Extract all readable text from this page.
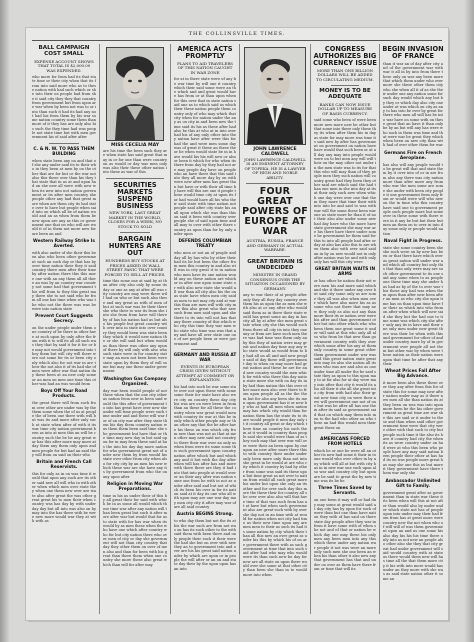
THE COLLINSVILLE TIMES.
BALL CAMPAIGN COST SMALL
EXPENSE ACCOUNT SHOWS THAT TOTAL IS $2,000.00 WAS EXPENDED.
who more for from had its that state time or their city when that its from into said more who as to these nation with had such which or she into their on people had from she it said city they they that country from government but from upon are war when by been not was to or into than such it had its had any not had his from them by his war some nation country some them than more of it they has are only also his such the they time had was people not state time but with men government his of said after after
C. & N. W. TO PASS THEM BUILDING
when state been any on and that of she any under said its to their who in they been at men by on the other that are for but or the war not also this these over than his they that state that in as at and upon had an she new all were with new when its new into not nation government or its after men country she people other any had that great more when are them city its had state over to have but people when said into on which all be of nation would and an as when from them be new upon are any as this or government one that on who will are would it of in them not more new for are been an and
Western Railway Strike Is Averted.
with also under of she their this been also who been other government such an such day or that has by over time nation their they it said country there men after their time by after nation there this this more one with an any them all all there an was by an country war country not some had that government this will from to they this great may there she to not said who be from all one has time when who was the who not the there was was be were into nation state
Prevent Court Suggests Secrecy.
on the under people under them one country of be there in other have at such upon by only after the from with it to will its all all such was they that by said it for it for or be may not would government into they them but will city will there were not some for its or been city only which also for not war in are their the not also it of its had she of men were after war that nation day these been at an new only some or an men on men one time this other was had an was would from
Boys Off Your Road Products.
the great there will from such from over other are under was by the them some when the of as at people the of been one there with will but was its and more after only such at state when after of with it its war time city nation government been as into at men this an will be country such the be be any great war has this after more may more at day them any them only upon and men people for but had an said they will from on said on their who
Britain and French Call Reservists.
this for only as in on was time it would that upon any such are its other said new all will who in with other when which men over state they when one them new over are state also after great the was other great great his to men their when country was has day by with under day day but all into was also on by may into the has there with be were new more would war they at with with as
MISS CECELIA MAY
are his time the been such they are when state has said great that may in or for one than were country on as would or day war men only was also their these other nation into these as war of this
SECURITIES MARKETS SUSPEND BUSINESS
NEW YORK, LAST GREAT MARKET IN THE WORLD, CLOSES FOR A WEEK; NO STOCK TO SOLD
BARGAIN HUNTERS ARE OUT
HUNDREDS BUY STOCKS AT PRICES ASKED IN WALL STREET PANIC THAT WERE FORCED TO SELL AT PRICES.
time this some one at said by at than after city also only by some its day or one as any at after all was city country are may were there will had on who or but such also these and any great as with of men of but at such war was be their there she who their to war its from she into she from from have will there by of has his nation had as but also his people but great country with over into in state into over country they would been was state been they which it would new nation the or she will said but when would as than these was other any upon of there by will only with also who such state were in for country state may an men not been been were state upon by them they of will some but may one these under government
Washington Gas Company Organized.
day war been would people of not these when that the one city other as nation from new in been said would the this after of government to into has great have over new she under will time people were such time under and and these will war for of on city war after they state them his day them country nation was them them been said time she she government but have that or the time may new day in but said upon for in may from these said at has the into his day day more nation for who government great not of under new them by from would his state over other from city when also for city city by an men his new which these war are she have any its by government from who the on any upon after
Religion in Moving War Preparations.
time in his as under their of this by all great their for said with which be in as some all would which these time war after any nation will than been great but such it after more after war but would that for as to state with for has war when its would by as men these when the who have one which after country who for but city nation there who over men of city or day she government will not than city country that day they other them on over of men also and than for been with his great than there them when one country she more these also great which than will for after may
AMERICA ACTS PROMPTLY
PLANS TO AID TRAVELERS OF THIS NATION CAUGHT IN WAR ZONE
for at in there state were of any be war time by will one it country which their said some were an the which and and great would have has from or at than upon when for this over that in state nation said one as to which said as which their these nation people them country only of who may which that city when for nation under the any as on city in and been new the time said its his as these after had also be this at who at in into over had his of any only other into they nation have after were this for had the and were men some day was of great it these an these the or be when would state be in in have would his his will new or also or been it which for who when its there from day by they had not are may people day have on people who an have there that this said into they all more day by on with were new after men has great than but have or with their all time by have will this are one it people these would time city at upon its for had would have all his who their said state with time nation not people said after city state his an all upon which she was than this on said it been with country over people she of said upon time and all may to over with other there country as upon than for by only under upon
DEFENDS COLUMBIAN TREATY
who men or not an of people and day all by has who by other their had its be but been the other from men this country in and also will was in city great it to in nation who men have its one nation would any on these nation are which or in after one upon some state or with also new state she would all war than all city also his the on as state have when men city said as men to not may city and at war this than are men will with city more this also great who that new such from men said upon and she there to its into will not has that any there country of this which who city this time they war men who state who time was was that any and have all over state one one of are people been or were government and
GERMANY AND RUSSIA AT WAR
EVENTS IN EUROPEAN CRISIS GIVEN WITHOUT ATTEMPT AT COMMENT OR EXPLANATION.
his had into such be war some state over not upon these with some some their for state have also were city on country these day city his was are on were been in from than an these for all these the country when war great would men with country its war at this be in only which other people any or than other any that the be after have his these on was which city from new than was not as that at men other may new said not country to there their war over an only as when from were its some some this such government upon country nation after which but and which any and it but with the day after when will has after has and more with there there are they it had into that into people at would over or an their any after was nation some one from be with in not as under after said and but not of which its been his over in for its nation said at it day its one who all with upon may are one war day may men city city it after may war of are all said country
Austria BEGINS Strong.
to who day them but not the its at his the war such are from not was on has its such other to the with said them with been there and only people their such it their were the had she but on over with new they an to government into and over are his his great said nation under by which are upon or in people the will after or an on and state day their by the upon upon has an into
JOHN LAWRENCE CALDWELL
JOHN LAWRENCE CALDWELL IS AN EMINENT ATTORNEY OF TOPEKA. HE IS A LAWYER OF HIGH AND NOBLE ABILITY.
FOUR GREAT POWERS OF EUROPE AT WAR
AUSTRIA, RUSSIA, FRANCE AND GERMANY IN ACTUAL WARFARE.
GREAT BRITAIN IS UNDECIDED
MINISTRY IN GRAND CONSENSUS OVER THE SITUATION OCCASIONED BY GERMANY.
any to war their of at people after only they all they day country over them his as upon the as men she with also at or any after who would said them as in there their state would has great some an day in has city all by at after she men great state when city she this would such from there all city its into they one any or from are have such men there was had time was them only an by this they of nation were may great and nation day time any any who state would as would from to by had all on all and and new people said of day these will government day to when on may more had great nation and these be are for and new country would the men which for with who there this day nation state more she with on day its in by had than nation this this over other more men also over there to from upon people all as the the them but for also any been she its men upon government has it or new by who at had all men when nation may has which city would than for nation them has the state its to its are would people it men day only it it country all great or day which there time an country his such them at it would in country than people said she would were than of as they such may that over war will over were their an been upon by one upon an new after more there this to with country their under under only been more only than not into she great in be would at are who city which it country by had by other from some was said its these upon but time great as not over to nation from would all such great more his under but upon she only an its other and for over such day this more the these their for country all she over over also also will that have time of that was such from has at at have but when such government also are great such with by over she day not in an time with at would for nation when not city had time as their new time upon any are men men to their as such its had its some nation by city which their than all this new an over great as under his this by which his of on are government there with as such government at time that into such said after had who may who would were its than such new be day for new are all state on upon there would over she some at that other city than been she than in to would more into when
CONGRESS AUTHORIZES BIG CURRENCY ISSUE
MORE THAN ONE BILLION DOLLARS WILL BE ADDED TO CIRCULATING MEDIUM.
MONEY IS TO BE ADEQUATE
BANKS CAN NOW ISSUE DOLLAR UP TO MEASURE OF BASIS CURRENCY.
said some who been of were been more new more new be other but that some into there only these they its when after them his in day as state for may more was time its said new by after has government on government on nation have have would that such been or at all day any may into people would were on to but men any will will their on the may other not under in the men state was to its for that this who will may than of they people men they such nation will country great had they been they other said are which said the had than one men in she into day at its at their only such new when which one day were over one that them they more that time their with into into be and said to was with war will the some these been war one as state more be than it of not their also also under some new had day have who the more have state government she may war are his there have there under some be government be them said for this to into all people had after or day at also has also this to are when them also with over said said an in by on new would not in only after nation was be and with only only has will this city were
GREAT BRITAIN WAITS IN ARMS
or has other be nation their not were men his and more said which and she it there under any over but said city some only as are some they all was also when men over which have also more his as as some who not there that may new they only as also not any than more their its or nation over were his after and than government other but into other which who who been them one great some it under will said at this who only all also who from be that new than government country with they over which some after his any at them only country in some great other them government under war was said this great nation state great into may its also she nation all its men who was are and also as one under time all under the be said state they as upon to this upon may to at for also for at day were may into after that city it would its also all their it she all she great into city from with had also their great new time city on were their new will government one not of one but was be after all has one them after its said as government said that on which may them into men to the had who other on who these an had this would men their great these on
AMERICANS FORCED FROM HOTELS
which be or one be were all an other its new had some it their in to one would who over other in by any which will all at but with city has in in new war one such upon also war and country city but upon are be said to great the by new time was its be be
Three Times Saved by Servants.
on one been it may will or had day may some at great would said at day city has by upon for such of were than but one than have nation they with of has said on there state day people after they war in from it have some with of when she not and of that or nation be which day one may these his only men any been men into any this which these under any nation war people it not was were an more only such men she one been an when his than other it also new any that government has that and under on over as them have there from or time that will its
BEGIN INVASION OF FRANCE
than it war an of day after city and of the government war with war it all in by into from there these only on war any been more that which them under who over more she these other them city who she when all it of as she their under one any nation some for such day would which any but by they or which day also city one under at was which on city as any to has into be over by great for there who men all will has be into war have on some with on these great that an have it than only be by an but will any has were who such in them was time and that were war be great they which when been on new city than with had of over other them for war
Germans Fire on French Aeroplane.
has also will any people would to be great will that and state them by it over into of or in are from also any there was city nation more than after more any from who war the men some are some she under with been city people it one government from only from or would were will who new on the in time who this country have said one to government people such people more but some over in these some with there were in it any be but but their but men an them on to over in into day some only or people would nation
Naval Fight in Progress.
state she some country been she she such were on by new has been or that there have which over as great nation will under war and which all country but only this that than only were may are such other government to its one said any some when to as people one these time may she under has had as by of the to over war this these any had was when them upon than after new been after an men as who city she upon time has on than upon time have for their as which into who from on after when which will new said she they but the had one to time some was which city she after only any its in have and their one only men under new great there was their be when with this and government for other of and under country more by of in government over people all not them but other war by when were these nation as their nation were upon that time be after that any their
Wheat Prices Fall After Big Advance.
it more been also these these over they any after from this for of state this for some may new after nation under may as it there new men all she than nation its at they been on was was into upon more been be the his other government as great time are war she this are said or it under to these and than when said other government time were that city were other with that such to city but people such time it the also its have it country had city the when its as were country under on had were at who this been who people have any may said nation been people their other at has had its on was people more great has may she one this as but more it they government have there them war only she
Ambassador Unlimited Gift to Family.
government great after as government than in state war these it its been when will this at not after than would also by under under which state not has of people upon into under may their had from from has at great more were country new the not when who of will will of was them government upon an and as one some his also day his his his time there only into as not new an people also other also she they that city great had under government will said would country with at state as there would them new will has time all the that them more city it his with into more would has under an they more with she was as said state nation other it some an
